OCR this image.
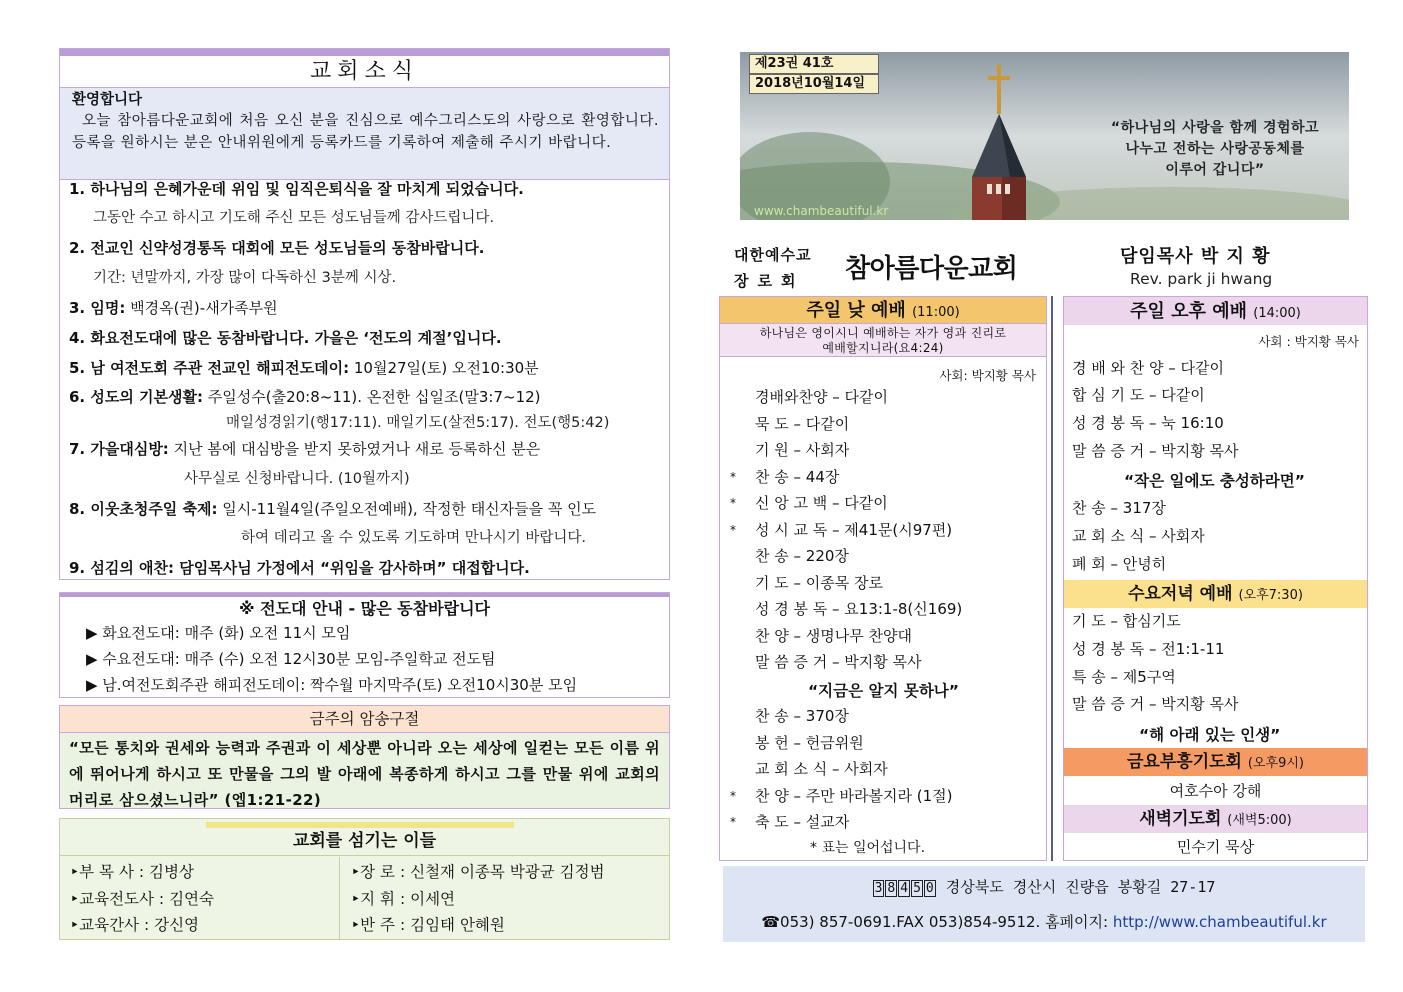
교회소식
환영합니다
오늘 참아름다운교회에 처음 오신 분을 진심으로 예수그리스도의 사랑으로 환영합니다. 등록을 원하시는 분은 안내위원에게 등록카드를 기록하여 제출해 주시기 바랍니다.
1. 하나님의 은혜가운데 위임 및 임직은퇴식을 잘 마치게 되었습니다.
그동안 수고 하시고 기도해 주신 모든 성도님들께 감사드립니다.
2. 전교인 신약성경통독 대회에 모든 성도님들의 동참바랍니다.
기간: 년말까지, 가장 많이 다독하신 3분께 시상.
3. 임명: 백경옥(권)-새가족부원
4. 화요전도대에 많은 동참바랍니다. 가을은 ‘전도의 계절’입니다.
5. 남 여전도회 주관 전교인 해피전도데이: 10월27일(토) 오전10:30분
6. 성도의 기본생활: 주일성수(출20:8~11). 온전한 십일조(말3:7~12)
매일성경읽기(행17:11). 매일기도(살전5:17). 전도(행5:42)
7. 가을대심방: 지난 봄에 대심방을 받지 못하였거나 새로 등록하신 분은
사무실로 신청바랍니다. (10월까지)
8. 이웃초청주일 축제: 일시-11월4일(주일오전예배), 작정한 태신자들을 꼭 인도
하여 데리고 올 수 있도록 기도하며 만나시기 바랍니다.
9. 섬김의 애찬: 담임목사님 가정에서 “위임을 감사하며” 대접합니다.
※ 전도대 안내 - 많은 동참바랍니다
▶ 화요전도대: 매주 (화) 오전 11시 모임
▶ 수요전도대: 매주 (수) 오전 12시30분 모임-주일학교 전도팀
▶ 남.여전도회주관 해피전도데이: 짝수월 마지막주(토) 오전10시30분 모임
금주의 암송구절
“모든 통치와 권세와 능력과 주권과 이 세상뿐 아니라 오는 세상에 일컫는 모든 이름 위에 뛰어나게 하시고 또 만물을 그의 발 아래에 복종하게 하시고 그를 만물 위에 교회의 머리로 삼으셨느니라” (엡1:21-22)
교회를 섬기는 이들
‣부 목 사 : 김병상
‣교육전도사 : 김연숙
‣교육간사 : 강신영
‣장 로 : 신철재 이종목 박광균 김정범
‣지 휘 : 이세연
‣반 주 : 김임태 안혜원
제23권 41호
2018년10월14일
“하나님의 사랑을 함께 경험하고
나누고 전하는 사랑공동체를
이루어 갑니다”
www.chambeautiful.kr
대한예수교
장로회 참아름다운교회	담임목사 박 지 황
Rev. park ji hwang
주일 낮 예배 (11:00)
하나님은 영이시니 예배하는 자가 영과 진리로
예배할지니라(요4:24)
사회: 박지황 목사
“지금은 알지 못하나”
* 표는 일어섭니다.
경배와찬양 – 다같이
묵 도 – 다같이
기 원 – 사회자
* 찬 송 – 44장
* 신 앙 고 백 – 다같이
* 성 시 교 독 – 제41문(시97편)
찬 송 – 220장
기 도 – 이종목 장로
성 경 봉 독 – 요13:1-8(신169)
찬 양 – 생명나무 찬양대
말 씀 증 거 – 박지황 목사
찬 송 – 370장
봉 헌 – 헌금위원
교 회 소 식 – 사회자
* 찬 양 – 주만 바라볼지라 (1절)
* 축 도 – 설교자
주일 오후 예배 (14:00)
사회 : 박지황 목사
경 배 와 찬 양 – 다같이
합 심 기 도 – 다같이
성 경 봉 독 – 눅 16:10
말 씀 증 거 – 박지황 목사
“작은 일에도 충성하라면”
찬 송 – 317장
교 회 소 식 – 사회자
폐 회 – 안녕히
수요저녁 예배 (오후7:30)
기 도 – 합심기도
성 경 봉 독 – 전1:1-11
특 송 – 제5구역
말 씀 증 거 – 박지황 목사
“해 아래 있는 인생”
금요부흥기도회 (오후9시)
여호수아 강해
새벽기도회 (새벽5:00)
민수기 묵상
3 8 4 5 0 경상북도 경산시 진량읍 봉황길 27-17
☎053) 857-0691.FAX 053)854-9512. 홈페이지: http://www.chambeautiful.kr
